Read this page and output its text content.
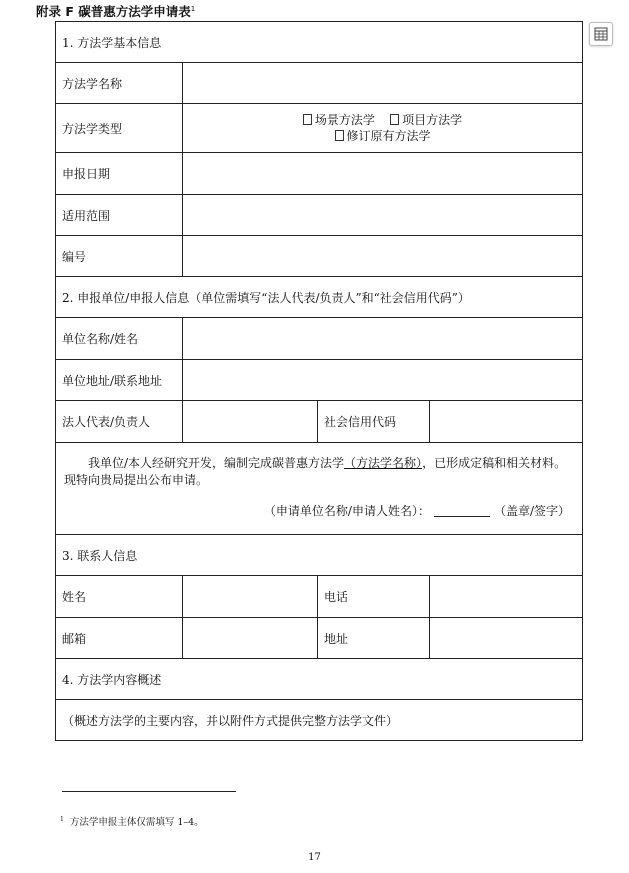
附录 F 碳普惠方法学申请表$^1$
1. 方法学基本信息			
方法学名称			
方法学类型	场景方法学 项目方法学
修订原有方法学		

申报日期			
适用范围			
编号			
2. 申报单位/申报人信息（单位需填写“法人代表/负责人”和“社会信用代码”）			
单位名称/姓名			
单位地址/联系地址			
法人代表/负责人		社会信用代码	

  我单位/本人经研究开发，编制完成碳普惠方法学（方法学名称），已形成定稿和相关材料。现特向贵局提出公布申请。
（申请单位名称/申请人姓名）： （盖章/签字）			

3. 联系人信息			
姓名		电话	
邮箱		地址	
4. 方法学内容概述			
（概述方法学的主要内容，并以附件方式提供完整方法学文件）			
$^1$ 方法学申报主体仅需填写 1–4。
17
